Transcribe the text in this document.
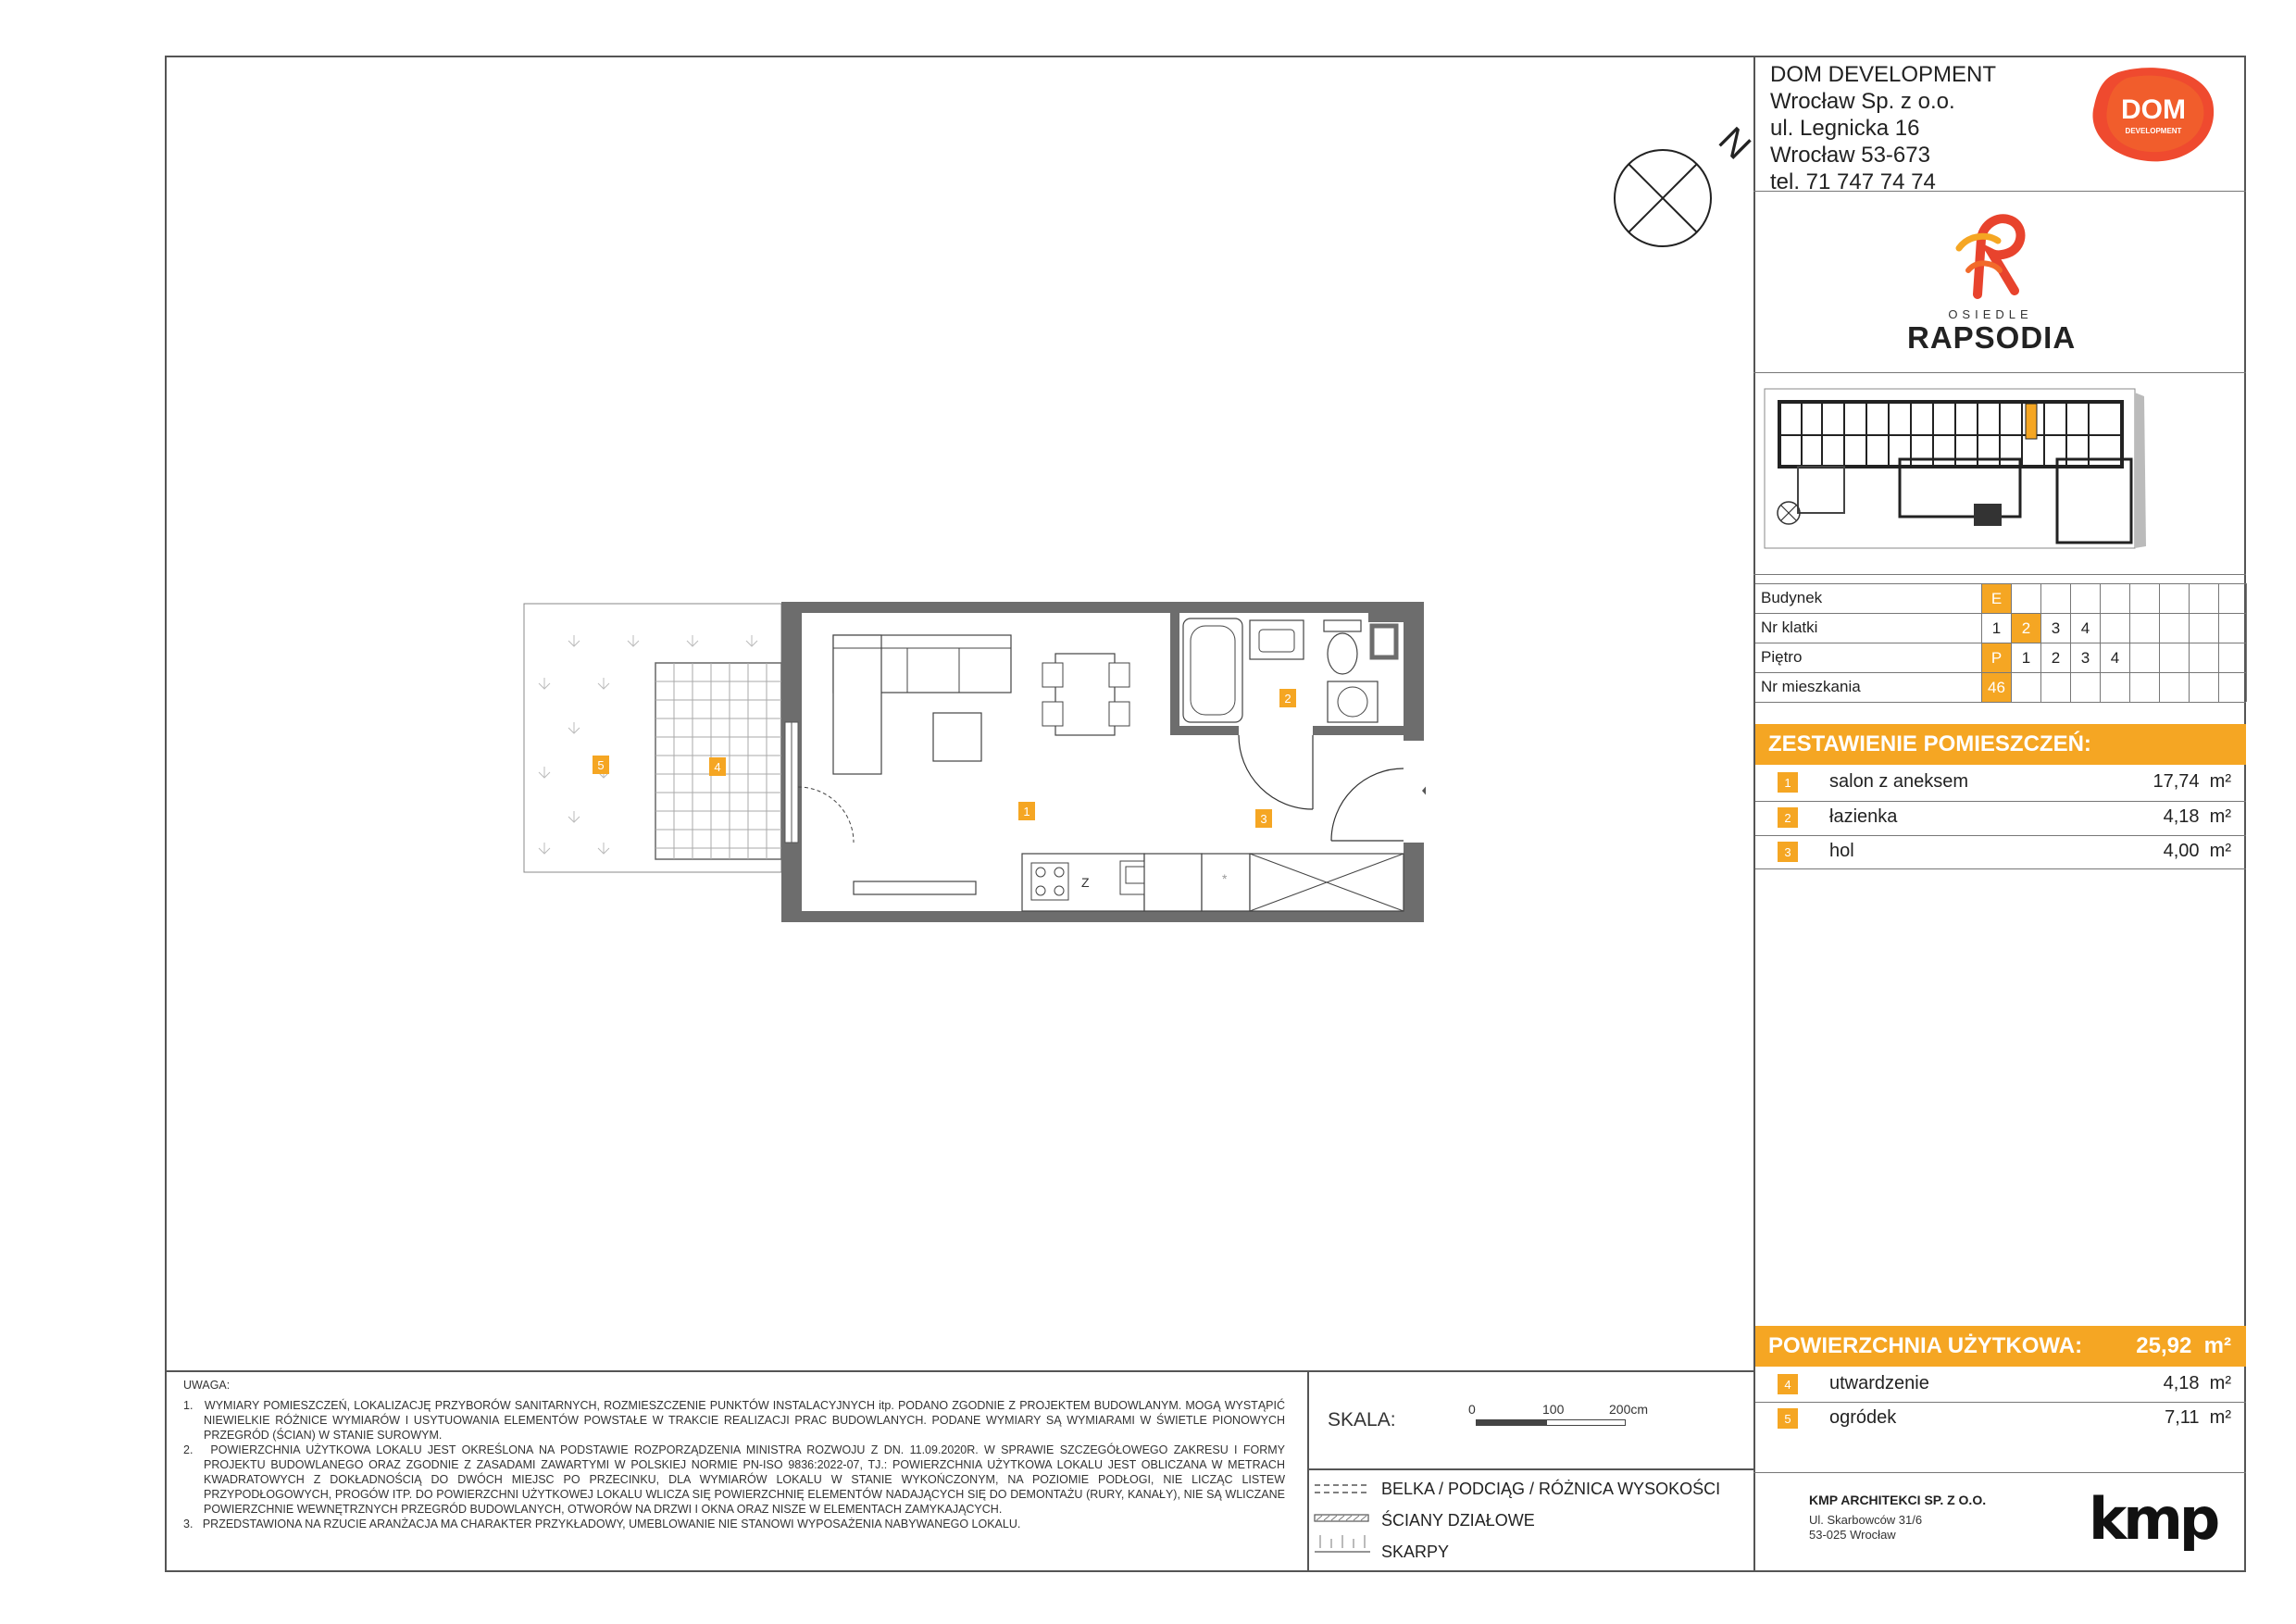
DOM DEVELOPMENT
Wrocław Sp. z o.o.
ul. Legnicka 16
Wrocław 53-673
tel. 71 747 74 74
DOM
DEVELOPMENT
OSIEDLE
RAPSODIA
Budynek	E
Nr klatki	1	2	3	4
Piętro	P	1	2	3	4
Nr mieszkania	46
ZESTAWIENIE POMIESZCZEŃ:
1	salon z aneksem	17,74 m²
2	łazienka	4,18 m²
3	hol	4,00 m²
POWIERZCHNIA UŻYTKOWA: 25,92 m²
4	utwardzenie	4,18 m²
5	ogródek	7,11 m²
KMP ARCHITEKCI SP. Z O.O.
Ul. Skarbowców 31/6
53-025 Wrocław	kmp
UWAGA:
1.   WYMIARY POMIESZCZEŃ, LOKALIZACJĘ PRZYBORÓW SANITARNYCH, ROZMIESZCZENIE PUNKTÓW INSTALACYJNYCH itp. PODANO ZGODNIE Z PROJEKTEM BUDOWLANYM. MOGĄ WYSTĄPIĆ NIEWIELKIE RÓŻNICE WYMIARÓW I USYTUOWANIA ELEMENTÓW POWSTAŁE W TRAKCIE REALIZACJI PRAC BUDOWLANYCH. PODANE WYMIARY SĄ WYMIARAMI W ŚWIETLE PIONOWYCH PRZEGRÓD (ŚCIAN) W STANIE SUROWYM.
2.   POWIERZCHNIA UŻYTKOWA LOKALU JEST OKREŚLONA NA PODSTAWIE ROZPORZĄDZENIA MINISTRA ROZWOJU Z DN. 11.09.2020R. W SPRAWIE SZCZEGÓŁOWEGO ZAKRESU I FORMY PROJEKTU BUDOWLANEGO ORAZ ZGODNIE Z ZASADAMI ZAWARTYMI W POLSKIEJ NORMIE PN-ISO 9836:2022-07, TJ.: POWIERZCHNIA UŻYTKOWA LOKALU JEST OBLICZANA W METRACH KWADRATOWYCH Z DOKŁADNOŚCIĄ DO DWÓCH MIEJSC PO PRZECINKU, DLA WYMIARÓW LOKALU W STANIE WYKOŃCZONYM, NA POZIOMIE PODŁOGI, NIE LICZĄC LISTEW PRZYPODŁOGOWYCH, PROGÓW ITP. DO POWIERZCHNI UŻYTKOWEJ LOKALU WLICZA SIĘ POWIERZCHNIĘ ELEMENTÓW NADAJĄCYCH SIĘ DO DEMONTAŻU (RURY, KANAŁY), NIE SĄ WLICZANE POWIERZCHNIE WEWNĘTRZNYCH PRZEGRÓD BUDOWLANYCH, OTWORÓW NA DRZWI I OKNA ORAZ NISZE W ELEMENTACH ZAMYKAJĄCYCH.
3.   PRZEDSTAWIONA NA RZUCIE ARANŻACJA MA CHARAKTER PRZYKŁADOWY, UMEBLOWANIE NIE STANOWI WYPOSAŻENIA NABYWANEGO LOKALU.
SKALA:	0	100	200cm
BELKA / PODCIĄG / RÓŻNICA WYSOKOŚCI
ŚCIANY DZIAŁOWE
SKARPY
N
Z	*
1
2
3
4
5
